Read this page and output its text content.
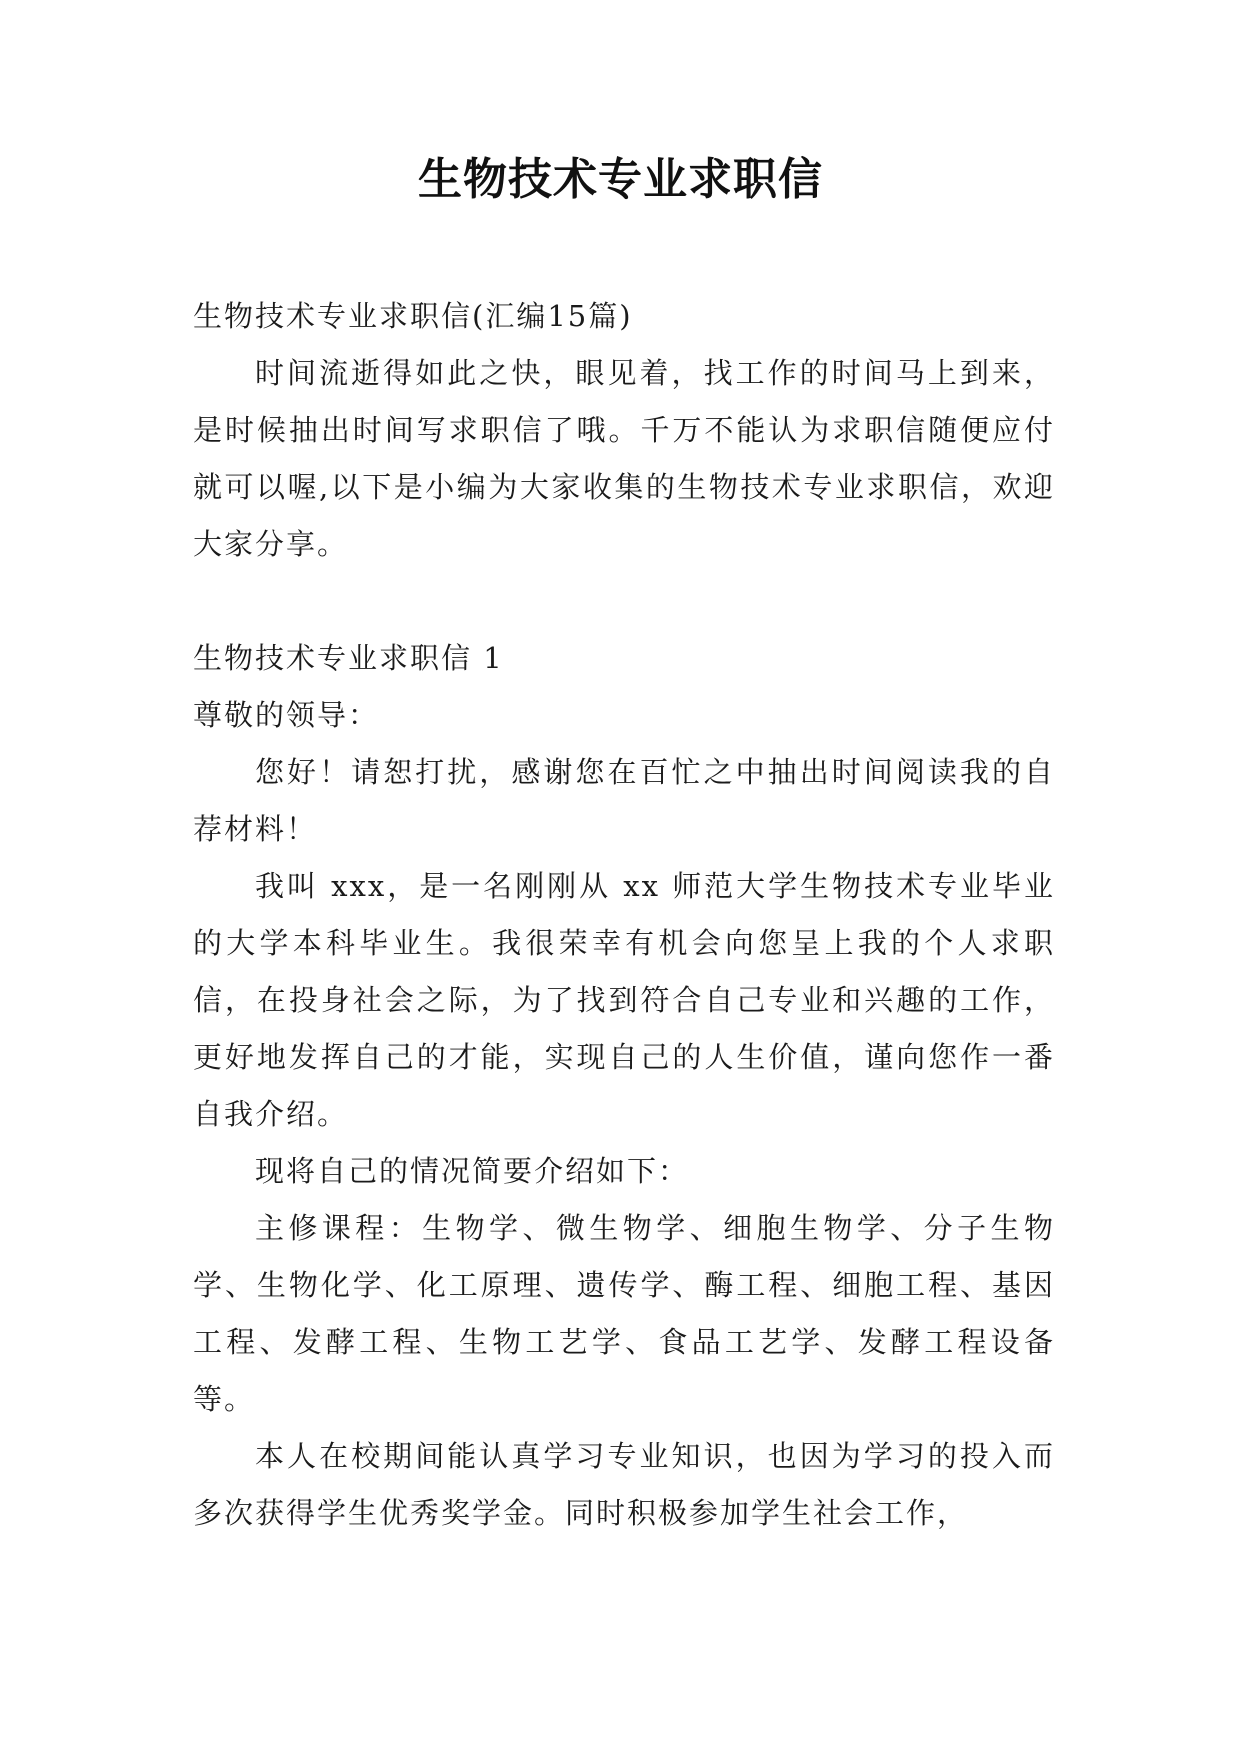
生物技术专业求职信

生物技术专业求职信(汇编15篇)

时间流逝得如此之快，眼见着，找工作的时间马上到来，是时候抽出时间写求职信了哦。千万不能认为求职信随便应付就可以喔,以下是小编为大家收集的生物技术专业求职信，欢迎大家分享。

生物技术专业求职信 1

尊敬的领导：

您好！请恕打扰，感谢您在百忙之中抽出时间阅读我的自荐材料！

我叫 xxx，是一名刚刚从 xx 师范大学生物技术专业毕业的大学本科毕业生。我很荣幸有机会向您呈上我的个人求职信，在投身社会之际，为了找到符合自己专业和兴趣的工作，更好地发挥自己的才能，实现自己的人生价值，谨向您作一番自我介绍。

现将自己的情况简要介绍如下：

主修课程：生物学、微生物学、细胞生物学、分子生物学、生物化学、化工原理、遗传学、酶工程、细胞工程、基因工程、发酵工程、生物工艺学、食品工艺学、发酵工程设备等。

本人在校期间能认真学习专业知识，也因为学习的投入而多次获得学生优秀奖学金。同时积极参加学生社会工作，
